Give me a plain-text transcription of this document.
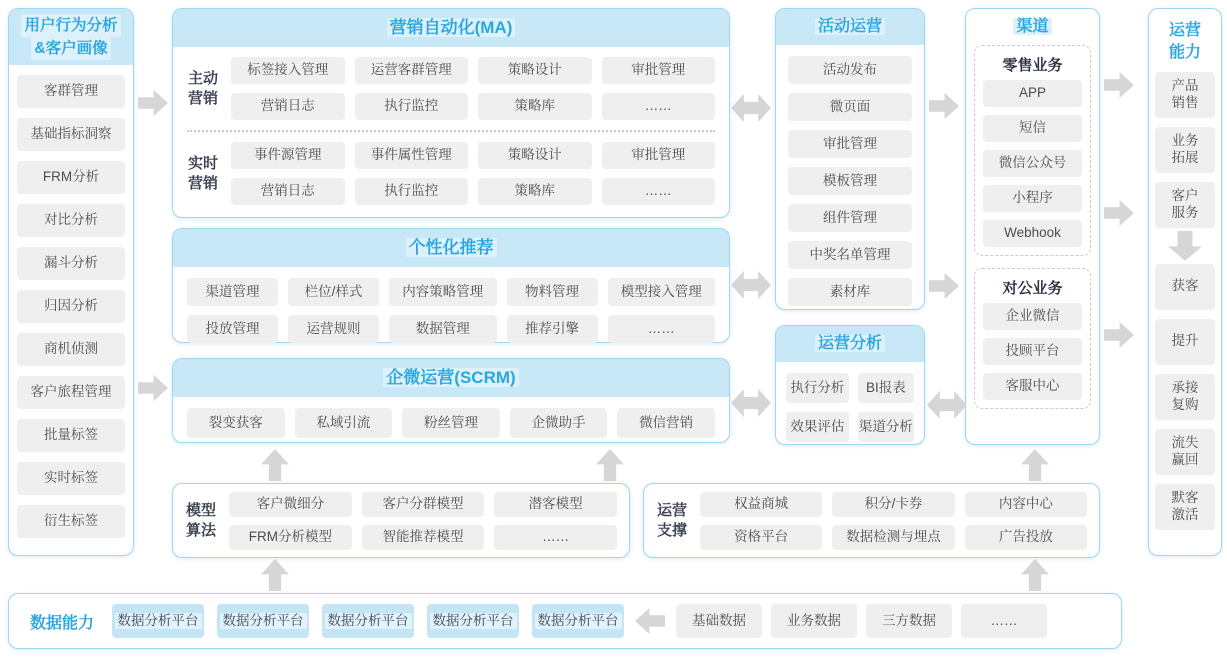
用户行为分析
&客户画像
客群管理
基础指标洞察
FRM分析
对比分析
漏斗分析
归因分析
商机侦测
客户旅程管理
批量标签
实时标签
衍生标签
营销自动化(MA)
主动营销
标签接入管理	运营客群管理	策略设计	审批管理
营销日志	执行监控	策略库	……
实时营销
事件源管理	事件属性管理	策略设计	审批管理
营销日志	执行监控	策略库	……
个性化推荐
渠道管理	栏位/样式	内容策略管理	物料管理	模型接入管理
投放管理	运营规则	数据管理	推荐引擎	……
企微运营(SCRM)
裂变获客	私域引流	粉丝管理	企微助手	微信营销
模型算法
客户微细分	客户分群模型	潜客模型
FRM分析模型	智能推荐模型	……
运营支撑
权益商城	积分/卡券	内容中心
资格平台	数据检测与埋点	广告投放
活动运营
活动发布
微页面
审批管理
模板管理
组件管理
中奖名单管理
素材库
运营分析
执行分析	BI报表
效果评估	渠道分析
渠道
零售业务
APP
短信
微信公众号
小程序
Webhook
对公业务
企业微信
投顾平台
客服中心
运营能力
产品销售
业务拓展
客户服务
获客
提升
承接复购
流失赢回
默客激活
数据能力	数据分析平台 数据分析平台 数据分析平台 数据分析平台 数据分析平台	基础数据	业务数据	三方数据	……
